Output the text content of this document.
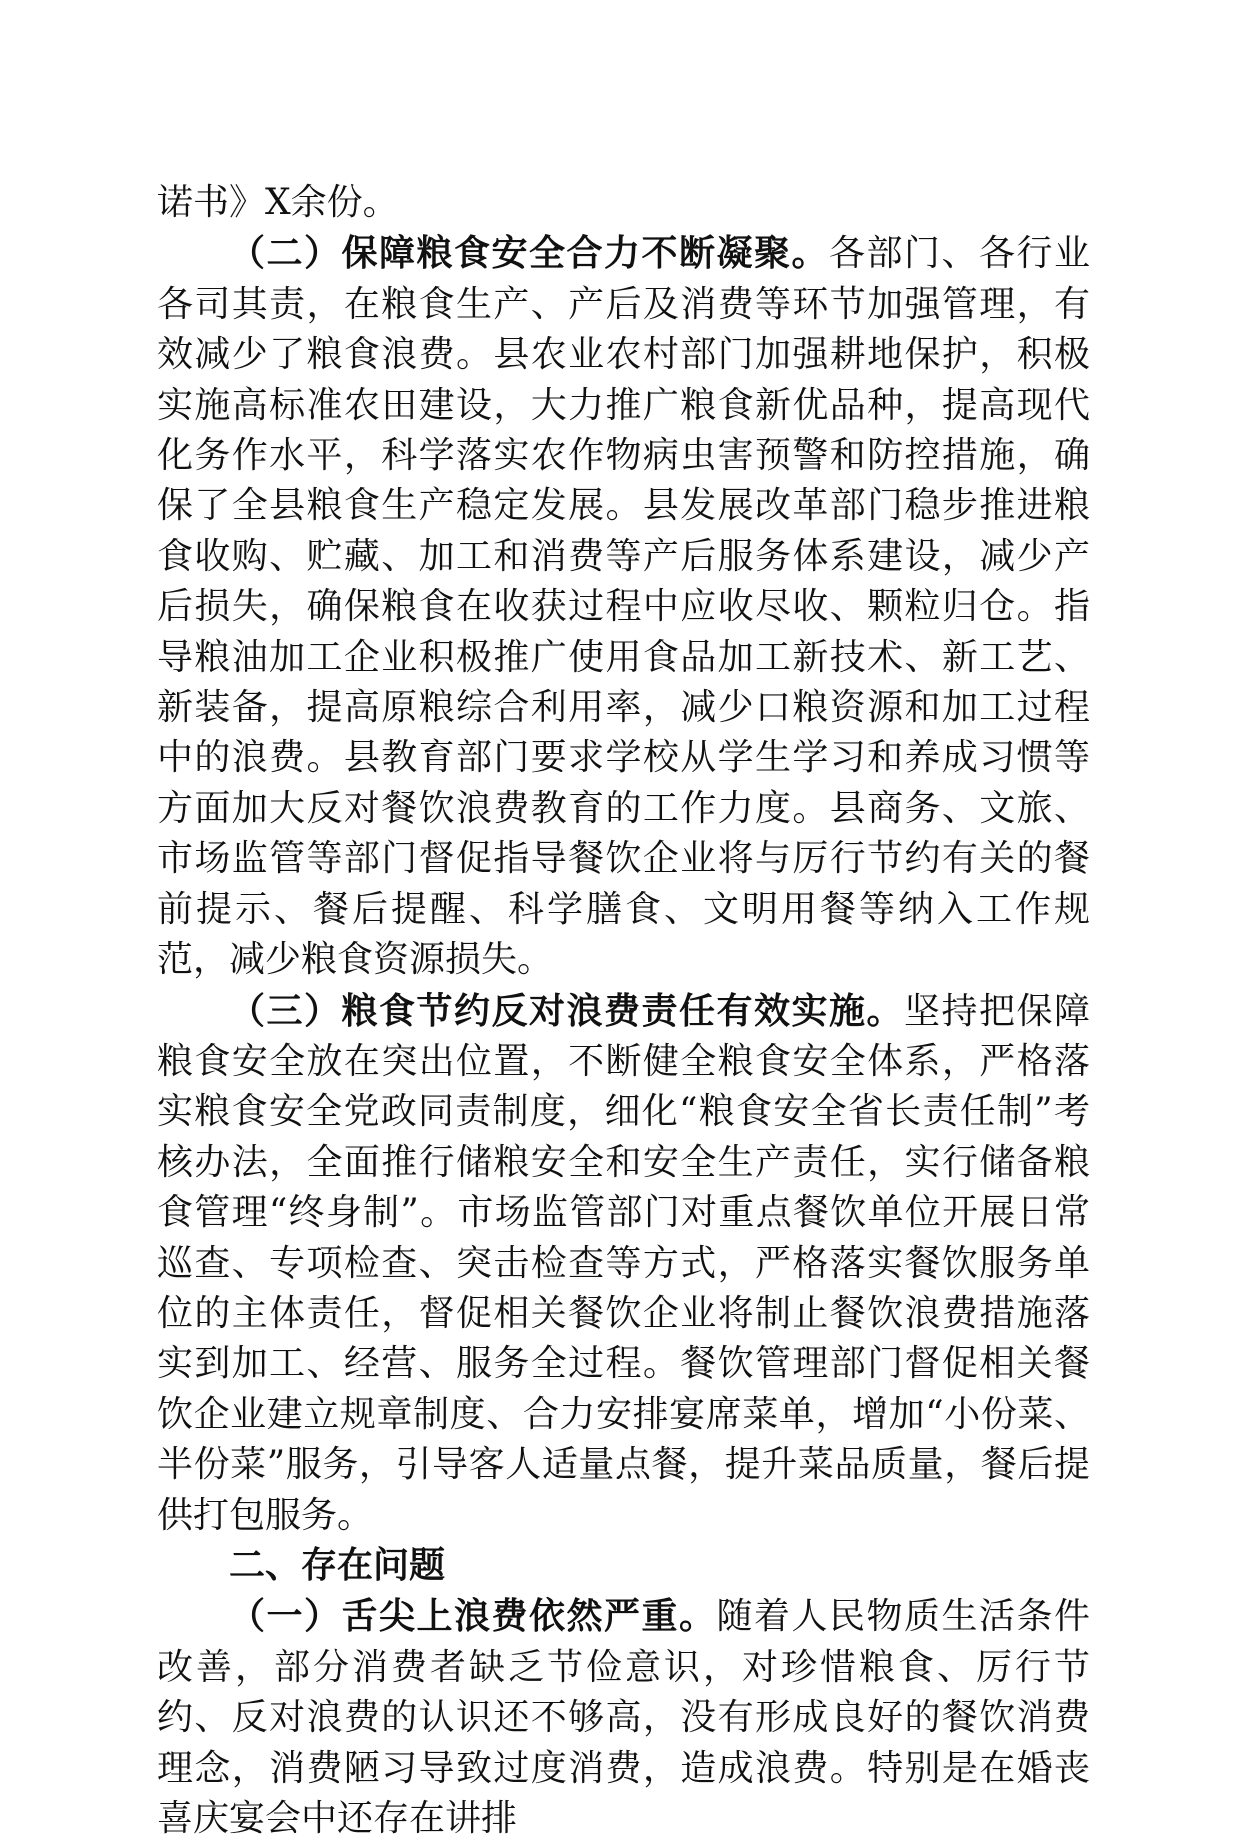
诺书》X余份。

（二）保障粮食安全合力不断凝聚。各部门、各行业各司其责，在粮食生产、产后及消费等环节加强管理，有效减少了粮食浪费。县农业农村部门加强耕地保护，积极实施高标准农田建设，大力推广粮食新优品种，提高现代化务作水平，科学落实农作物病虫害预警和防控措施，确保了全县粮食生产稳定发展。县发展改革部门稳步推进粮食收购、贮藏、加工和消费等产后服务体系建设，减少产后损失，确保粮食在收获过程中应收尽收、颗粒归仓。指导粮油加工企业积极推广使用食品加工新技术、新工艺、新装备，提高原粮综合利用率，减少口粮资源和加工过程中的浪费。县教育部门要求学校从学生学习和养成习惯等方面加大反对餐饮浪费教育的工作力度。县商务、文旅、市场监管等部门督促指导餐饮企业将与厉行节约有关的餐前提示、餐后提醒、科学膳食、文明用餐等纳入工作规范，减少粮食资源损失。

（三）粮食节约反对浪费责任有效实施。坚持把保障粮食安全放在突出位置，不断健全粮食安全体系，严格落实粮食安全党政同责制度，细化“粮食安全省长责任制”考核办法，全面推行储粮安全和安全生产责任，实行储备粮食管理“终身制”。市场监管部门对重点餐饮单位开展日常巡查、专项检查、突击检查等方式，严格落实餐饮服务单位的主体责任，督促相关餐饮企业将制止餐饮浪费措施落实到加工、经营、服务全过程。餐饮管理部门督促相关餐饮企业建立规章制度、合力安排宴席菜单，增加“小份菜、半份菜”服务，引导客人适量点餐，提升菜品质量，餐后提供打包服务。

二、存在问题

（一）舌尖上浪费依然严重。随着人民物质生活条件改善，部分消费者缺乏节俭意识，对珍惜粮食、厉行节约、反对浪费的认识还不够高，没有形成良好的餐饮消费理念，消费陋习导致过度消费，造成浪费。特别是在婚丧喜庆宴会中还存在讲排
